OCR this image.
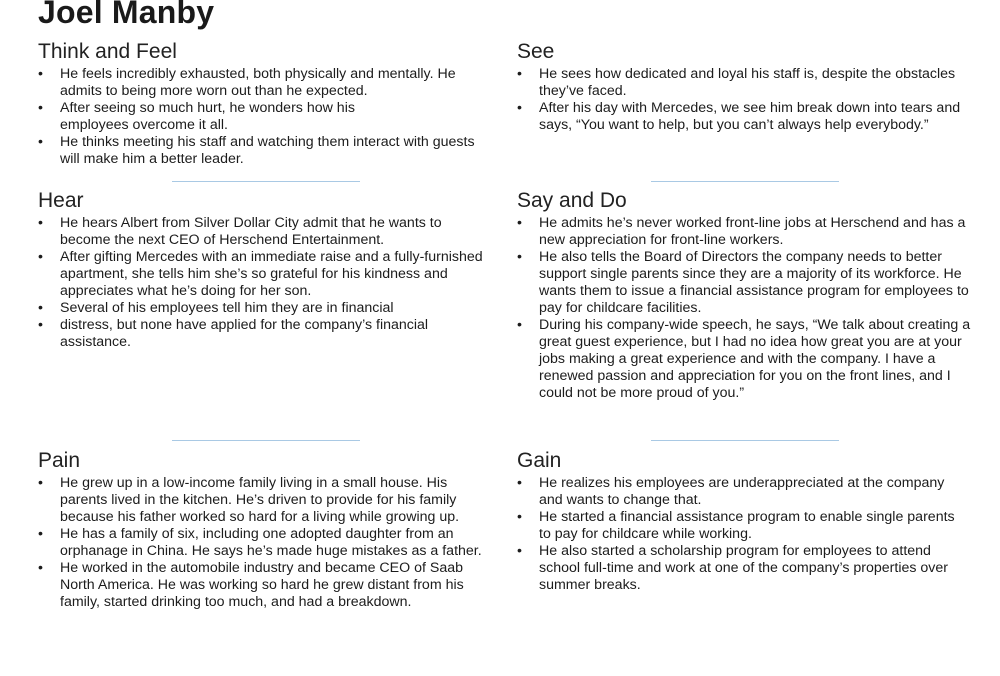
Joel Manby
Think and Feel
• He feels incredibly exhausted, both physically and mentally. He admits to being more worn out than he expected.
• After seeing so much hurt, he wonders how his employees overcome it all.
• He thinks meeting his staff and watching them interact with guests will make him a better leader.
See
• He sees how dedicated and loyal his staff is, despite the obstacles they’ve faced.
• After his day with Mercedes, we see him break down into tears and says, “You want to help, but you can’t always help everybody.”
Hear
• He hears Albert from Silver Dollar City admit that he wants to become the next CEO of Herschend Entertainment.
• After gifting Mercedes with an immediate raise and a fully-furnished apartment, she tells him she’s so grateful for his kindness and appreciates what he’s doing for her son.
• Several of his employees tell him they are in financial
• distress, but none have applied for the company’s financial assistance.
Say and Do
• He admits he’s never worked front-line jobs at Herschend and has a new appreciation for front-line workers.
• He also tells the Board of Directors the company needs to better support single parents since they are a majority of its workforce. He wants them to issue a financial assistance program for employees to pay for childcare facilities.
• During his company-wide speech, he says, “We talk about creating a great guest experience, but I had no idea how great you are at your jobs making a great experience and with the company. I have a renewed passion and appreciation for you on the front lines, and I could not be more proud of you.”
Pain
• He grew up in a low-income family living in a small house. His parents lived in the kitchen. He’s driven to provide for his family because his father worked so hard for a living while growing up.
• He has a family of six, including one adopted daughter from an orphanage in China. He says he’s made huge mistakes as a father.
• He worked in the automobile industry and became CEO of Saab North America. He was working so hard he grew distant from his family, started drinking too much, and had a breakdown.
Gain
• He realizes his employees are underappreciated at the company and wants to change that.
• He started a financial assistance program to enable single parents to pay for childcare while working.
• He also started a scholarship program for employees to attend school full-time and work at one of the company’s properties over summer breaks.
